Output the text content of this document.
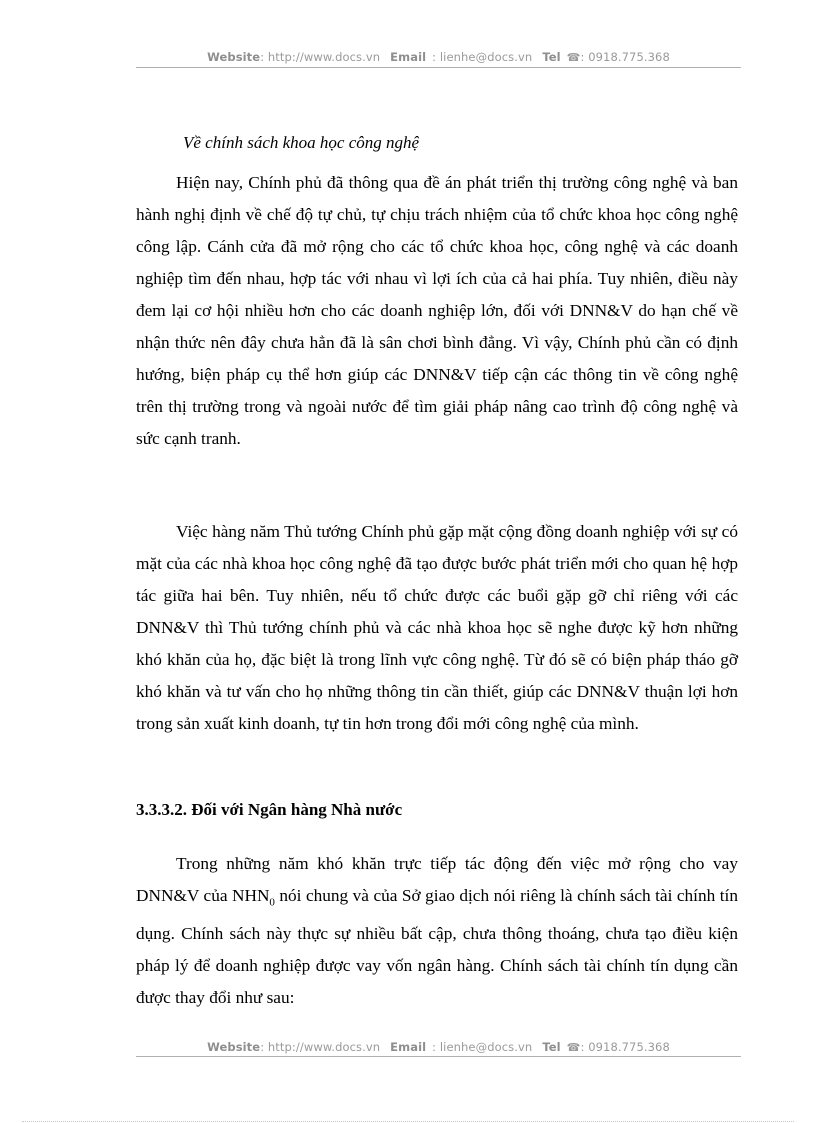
Website: http://www.docs.vn Email : lienhe@docs.vn Tel ☎: 0918.775.368
Về chính sách khoa học công nghệ

Hiện nay, Chính phủ đã thông qua đề án phát triển thị trường công nghệ và ban hành nghị định về chế độ tự chủ, tự chịu trách nhiệm của tổ chức khoa học công nghệ công lập. Cánh cửa đã mở rộng cho các tổ chức khoa học, công nghệ và các doanh nghiệp tìm đến nhau, hợp tác với nhau vì lợi ích của cả hai phía. Tuy nhiên, điều này đem lại cơ hội nhiều hơn cho các doanh nghiệp lớn, đối với DNN&V do hạn chế về nhận thức nên đây chưa hẳn đã là sân chơi bình đẳng. Vì vậy, Chính phủ cần có định hướng, biện pháp cụ thể hơn giúp các DNN&V tiếp cận các thông tin về công nghệ trên thị trường trong và ngoài nước để tìm giải pháp nâng cao trình độ công nghệ và sức cạnh tranh.

Việc hàng năm Thủ tướng Chính phủ gặp mặt cộng đồng doanh nghiệp với sự có mặt của các nhà khoa học công nghệ đã tạo được bước phát triển mới cho quan hệ hợp tác giữa hai bên. Tuy nhiên, nếu tổ chức được các buổi gặp gỡ chỉ riêng với các DNN&V thì Thủ tướng chính phủ và các nhà khoa học sẽ nghe được kỹ hơn những khó khăn của họ, đặc biệt là trong lĩnh vực công nghệ. Từ đó sẽ có biện pháp tháo gỡ khó khăn và tư vấn cho họ những thông tin cần thiết, giúp các DNN&V thuận lợi hơn trong sản xuất kinh doanh, tự tin hơn trong đổi mới công nghệ của mình.

3.3.3.2. Đối với Ngân hàng Nhà nước

Trong những năm khó khăn trực tiếp tác động đến việc mở rộng cho vay DNN&V của $NHN_0$ nói chung và của Sở giao dịch nói riêng là chính sách tài chính tín dụng. Chính sách này thực sự nhiều bất cập, chưa thông thoáng, chưa tạo điều kiện pháp lý để doanh nghiệp được vay vốn ngân hàng. Chính sách tài chính tín dụng cần được thay đổi như sau:

Website: http://www.docs.vn Email : lienhe@docs.vn Tel ☎: 0918.775.368
